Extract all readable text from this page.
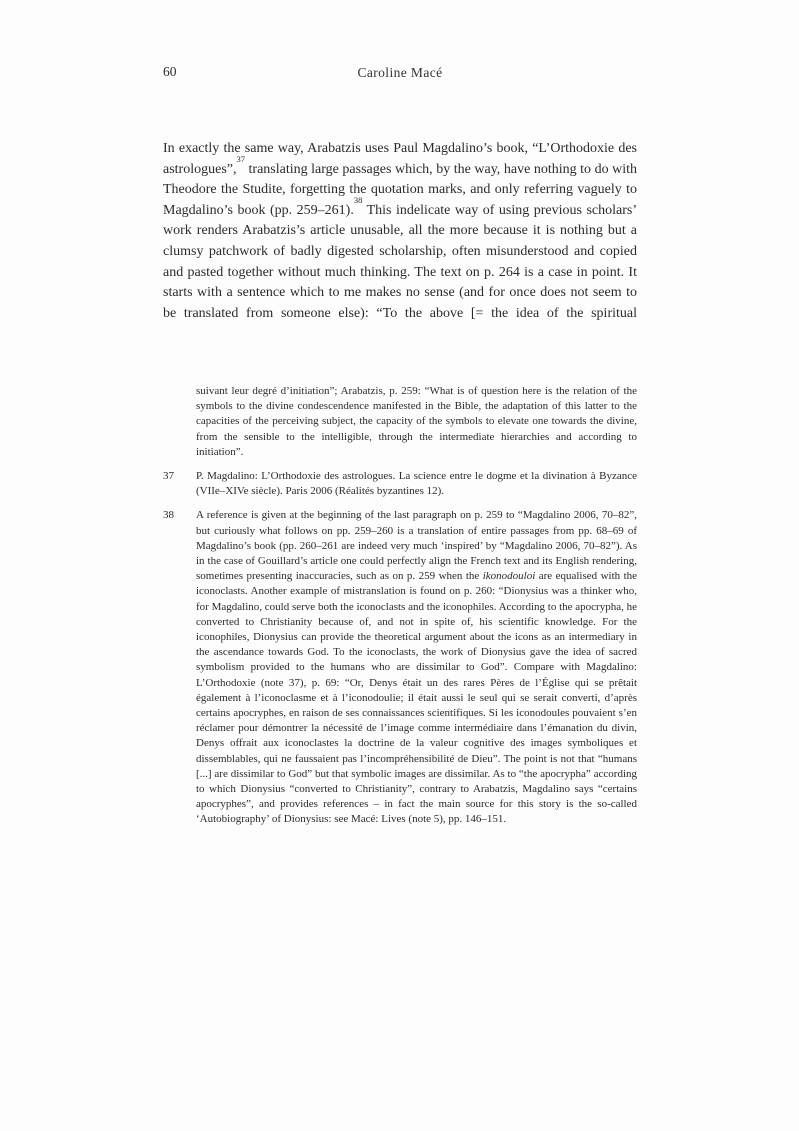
60	Caroline Macé

In exactly the same way, Arabatzis uses Paul Magdalino’s book, “L’Orthodoxie des astrologues”,$^{37}$ translating large passages which, by the way, have nothing to do with Theodore the Studite, forgetting the quotation marks, and only referring vaguely to Magdalino’s book (pp. 259–261).$^{38}$ This indelicate way of using previous scholars’ work renders Arabatzis’s article unusable, all the more because it is nothing but a clumsy patchwork of badly digested scholarship, often misunderstood and copied and pasted together without much thinking. The text on p. 264 is a case in point. It starts with a sentence which to me makes no sense (and for once does not seem to be translated from someone else): “To the above [= the idea of the spiritual

suivant leur degré d’initiation”; Arabatzis, p. 259: “What is of question here is the relation of the symbols to the divine condescendence manifested in the Bible, the adaptation of this latter to the capacities of the perceiving subject, the capacity of the symbols to elevate one towards the divine, from the sensible to the intelligible, through the intermediate hierarchies and according to initiation”.

37 P. Magdalino: L’Orthodoxie des astrologues. La science entre le dogme et la divination à Byzance (VIIe–XIVe siècle). Paris 2006 (Réalités byzantines 12).

38 A reference is given at the beginning of the last paragraph on p. 259 to “Magdalino 2006, 70–82”, but curiously what follows on pp. 259–260 is a translation of entire passages from pp. 68–69 of Magdalino’s book (pp. 260–261 are indeed very much ‘inspired’ by “Magdalino 2006, 70–82”). As in the case of Gouillard’s article one could perfectly align the French text and its English rendering, sometimes presenting inaccuracies, such as on p. 259 when the ikonodouloi are equalised with the iconoclasts. Another example of mistranslation is found on p. 260: “Dionysius was a thinker who, for Magdalino, could serve both the iconoclasts and the iconophiles. According to the apocrypha, he converted to Christianity because of, and not in spite of, his scientific knowledge. For the iconophiles, Dionysius can provide the theoretical argument about the icons as an intermediary in the ascendance towards God. To the iconoclasts, the work of Dionysius gave the idea of sacred symbolism provided to the humans who are dissimilar to God”. Compare with Magdalino: L’Orthodoxie (note 37), p. 69: “Or, Denys était un des rares Pères de l’Église qui se prêtait également à l’iconoclasme et à l’iconodoulie; il était aussi le seul qui se serait converti, d’après certains apocryphes, en raison de ses connaissances scientifiques. Si les iconodoules pouvaient s’en réclamer pour démontrer la nécessité de l’image comme intermédiaire dans l’émanation du divin, Denys offrait aux iconoclastes la doctrine de la valeur cognitive des images symboliques et dissemblables, qui ne faussaient pas l’incompréhensibilité de Dieu”. The point is not that “humans [...] are dissimilar to God” but that symbolic images are dissimilar. As to “the apocrypha” according to which Dionysius “converted to Christianity”, contrary to Arabatzis, Magdalino says “certains apocryphes”, and provides references – in fact the main source for this story is the so-called ‘Autobiography’ of Dionysius: see Macé: Lives (note 5), pp. 146–151.
